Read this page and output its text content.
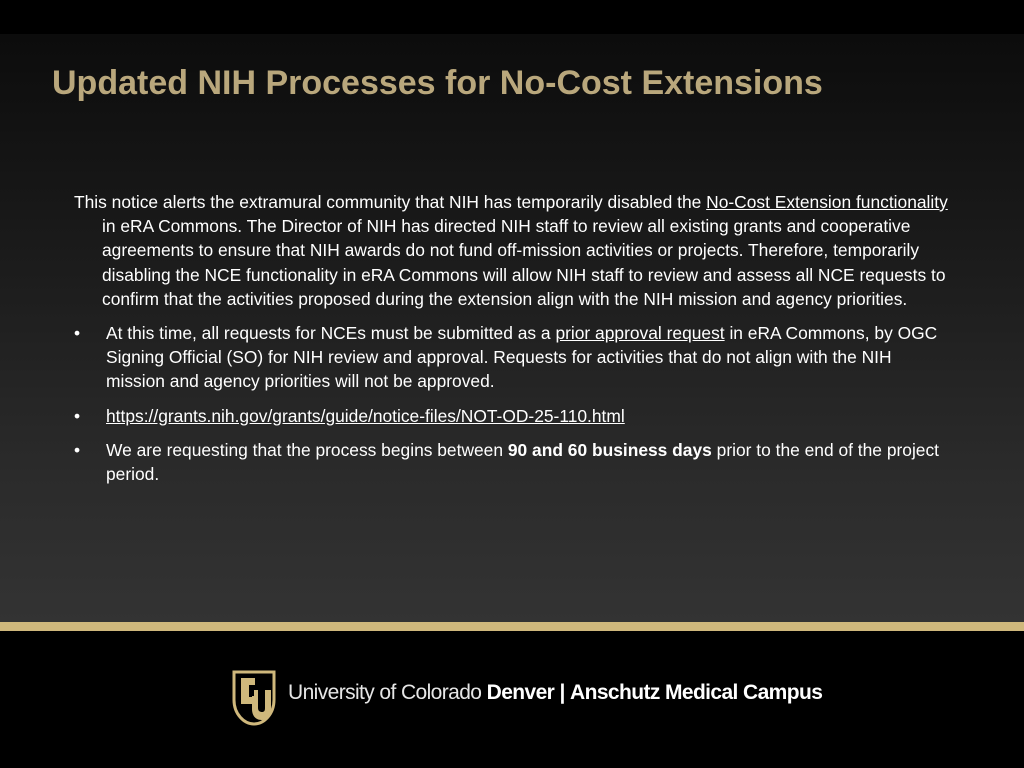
Updated NIH Processes for No-Cost Extensions

This notice alerts the extramural community that NIH has temporarily disabled the No-Cost Extension functionality in eRA Commons. The Director of NIH has directed NIH staff to review all existing grants and cooperative agreements to ensure that NIH awards do not fund off-mission activities or projects. Therefore, temporarily disabling the NCE functionality in eRA Commons will allow NIH staff to review and assess all NCE requests to confirm that the activities proposed during the extension align with the NIH mission and agency priorities.

• At this time, all requests for NCEs must be submitted as a prior approval request in eRA Commons, by OGC Signing Official (SO) for NIH review and approval. Requests for activities that do not align with the NIH mission and agency priorities will not be approved.
• https://grants.nih.gov/grants/guide/notice-files/NOT-OD-25-110.html
• We are requesting that the process begins between 90 and 60 business days prior to the end of the project period.
University of Colorado Denver | Anschutz Medical Campus
